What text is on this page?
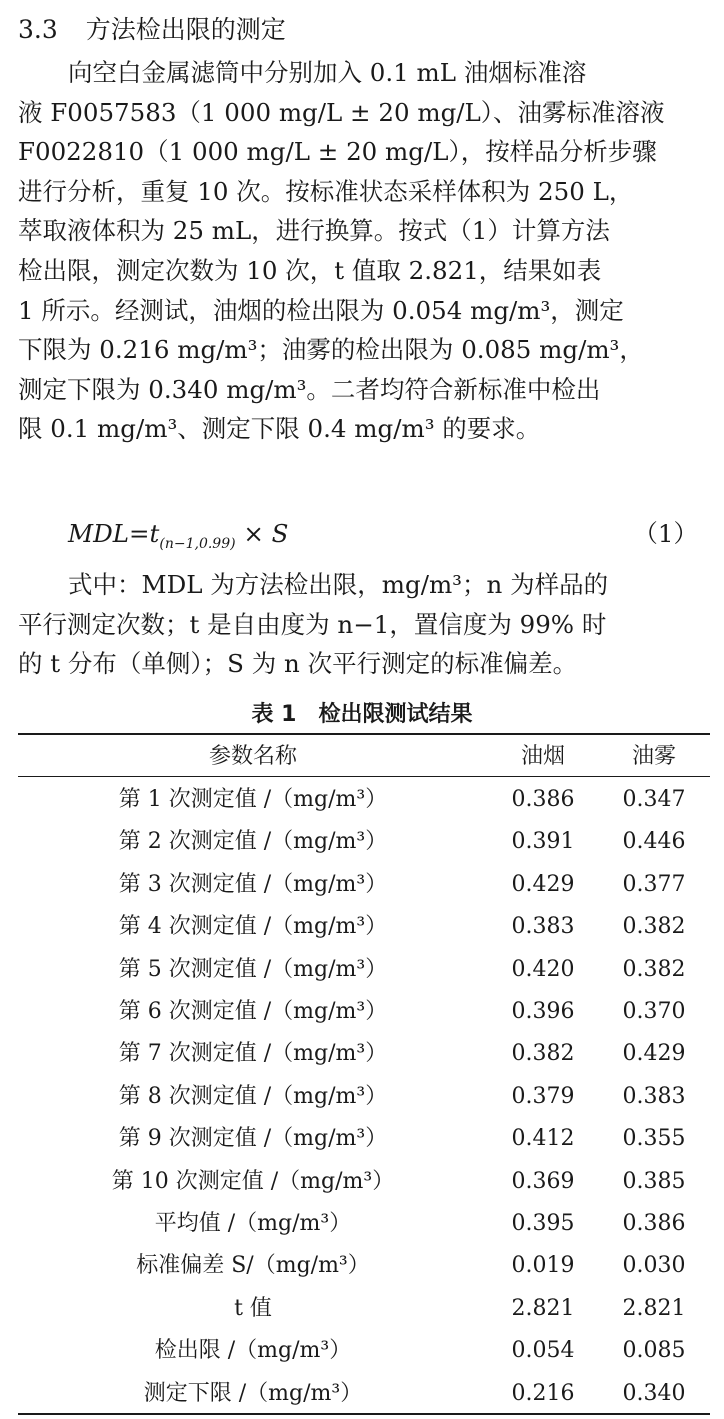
3.3 方法检出限的测定

向空白金属滤筒中分别加入 0.1 mL 油烟标准溶
液 F0057583（1 000 mg/L ± 20 mg/L）、油雾标准溶液
F0022810（1 000 mg/L ± 20 mg/L），按样品分析步骤
进行分析，重复 10 次。按标准状态采样体积为 250 L，
萃取液体积为 25 mL，进行换算。按式（1）计算方法
检出限，测定次数为 10 次，t 值取 2.821，结果如表
1 所示。经测试，油烟的检出限为 0.054 mg/m³，测定
下限为 0.216 mg/m³；油雾的检出限为 0.085 mg/m³，
测定下限为 0.340 mg/m³。二者均符合新标准中检出
限 0.1 mg/m³、测定下限 0.4 mg/m³ 的要求。

$MDL=t_{(n-1,0.99)} \times S$	（1）

式中：MDL 为方法检出限，mg/m³；n 为样品的
平行测定次数；t 是自由度为 n−1，置信度为 99% 时
的 t 分布（单侧）；S 为 n 次平行测定的标准偏差。

表 1　检出限测试结果
参数名称	油烟	油雾
第 1 次测定值 /（mg/m³）	0.386	0.347
第 2 次测定值 /（mg/m³）	0.391	0.446
第 3 次测定值 /（mg/m³）	0.429	0.377
第 4 次测定值 /（mg/m³）	0.383	0.382
第 5 次测定值 /（mg/m³）	0.420	0.382
第 6 次测定值 /（mg/m³）	0.396	0.370
第 7 次测定值 /（mg/m³）	0.382	0.429
第 8 次测定值 /（mg/m³）	0.379	0.383
第 9 次测定值 /（mg/m³）	0.412	0.355
第 10 次测定值 /（mg/m³）	0.369	0.385
平均值 /（mg/m³）	0.395	0.386
标准偏差 S/（mg/m³）	0.019	0.030
t 值	2.821	2.821
检出限 /（mg/m³）	0.054	0.085
测定下限 /（mg/m³）	0.216	0.340
